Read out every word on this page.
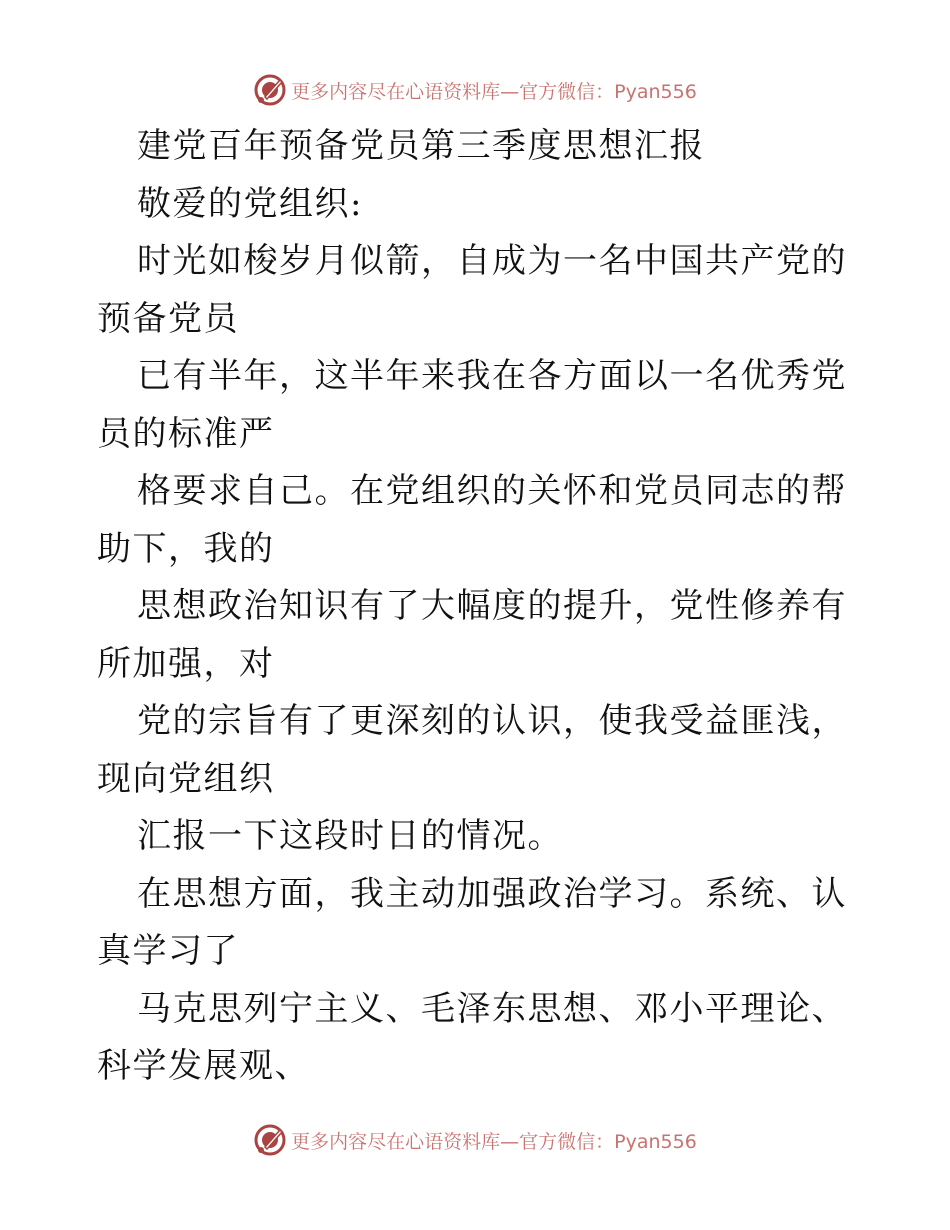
更多内容尽在心语资料库—官方微信：Pyan556

建党百年预备党员第三季度思想汇报

敬爱的党组织:

时光如梭岁月似箭，自成为一名中国共产党的预备党员

已有半年，这半年来我在各方面以一名优秀党员的标准严

格要求自己。在党组织的关怀和党员同志的帮助下，我的

思想政治知识有了大幅度的提升，党性修养有所加强，对

党的宗旨有了更深刻的认识，使我受益匪浅，现向党组织

汇报一下这段时日的情况。

在思想方面，我主动加强政治学习。系统、认真学习了

马克思列宁主义、毛泽东思想、邓小平理论、科学发展观、

更多内容尽在心语资料库—官方微信：Pyan556
